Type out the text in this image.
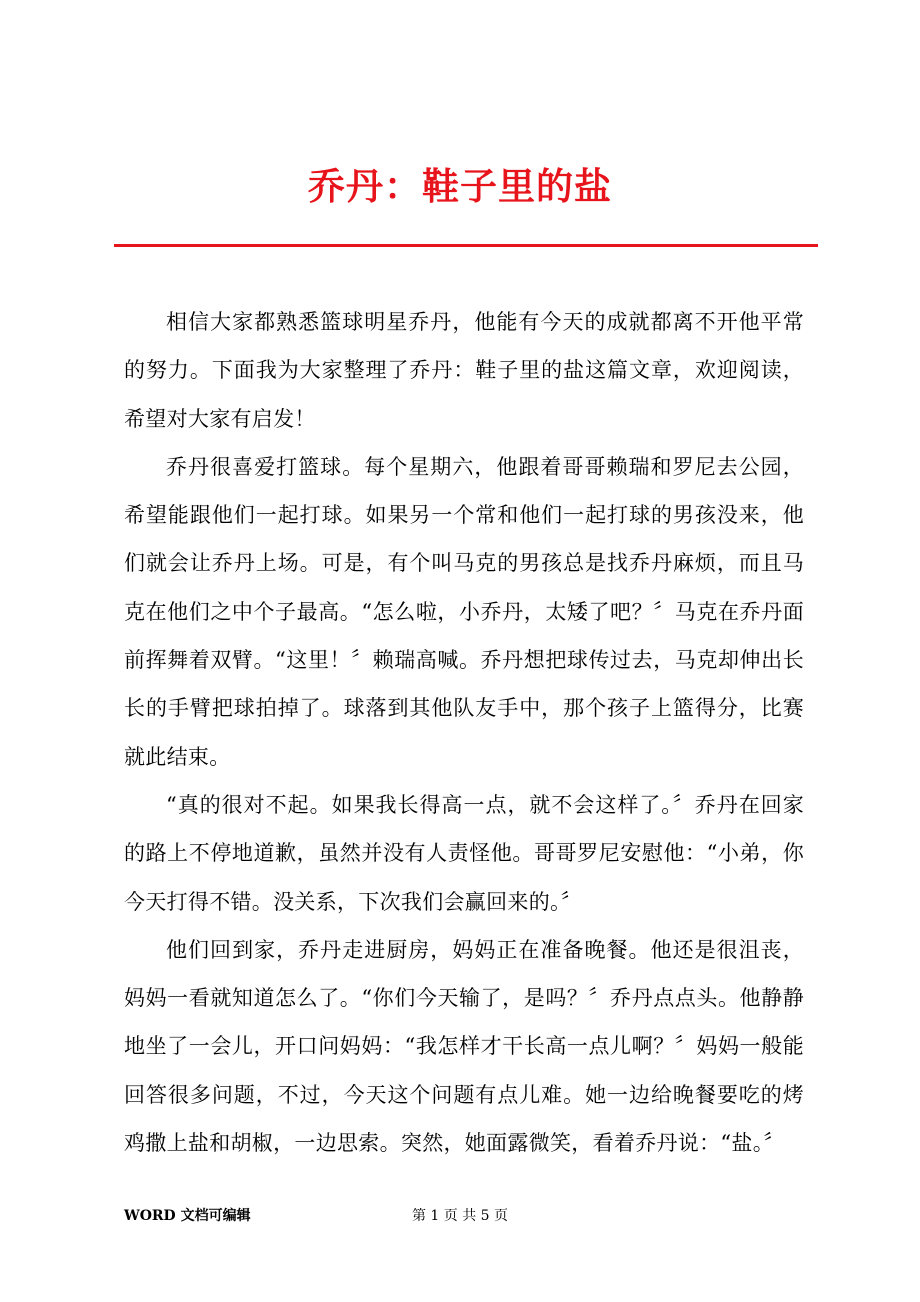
乔丹：鞋子里的盐

相信大家都熟悉篮球明星乔丹，他能有今天的成就都离不开他平常的努力。下面我为大家整理了乔丹：鞋子里的盐这篇文章，欢迎阅读，希望对大家有启发！

乔丹很喜爱打篮球。每个星期六，他跟着哥哥赖瑞和罗尼去公园，希望能跟他们一起打球。如果另一个常和他们一起打球的男孩没来，他们就会让乔丹上场。可是，有个叫马克的男孩总是找乔丹麻烦，而且马克在他们之中个子最高。“怎么啦，小乔丹，太矮了吧？〞马克在乔丹面前挥舞着双臂。“这里！〞赖瑞高喊。乔丹想把球传过去，马克却伸出长长的手臂把球拍掉了。球落到其他队友手中，那个孩子上篮得分，比赛就此结束。

“真的很对不起。如果我长得高一点，就不会这样了。〞乔丹在回家的路上不停地道歉，虽然并没有人责怪他。哥哥罗尼安慰他：“小弟，你今天打得不错。没关系，下次我们会赢回来的。〞

他们回到家，乔丹走进厨房，妈妈正在准备晚餐。他还是很沮丧，妈妈一看就知道怎么了。“你们今天输了，是吗？〞乔丹点点头。他静静地坐了一会儿，开口问妈妈：“我怎样才干长高一点儿啊？〞妈妈一般能回答很多问题，不过，今天这个问题有点儿难。她一边给晚餐要吃的烤鸡撒上盐和胡椒，一边思索。突然，她面露微笑，看着乔丹说：“盐。〞

WORD 文档可编辑	第 1 页 共 5 页
